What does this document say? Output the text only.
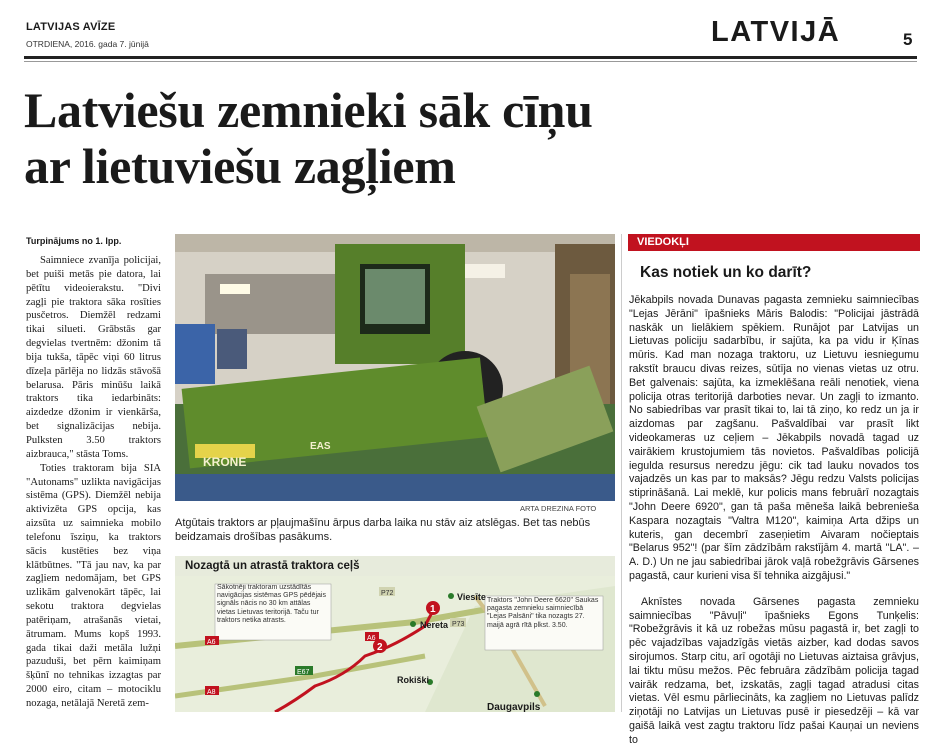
LATVIJAS AVĪZE
OTRDIENA, 2016. gada 7. jūnijā	LATVIJĀ	5
Latviešu zemnieki sāk cīņu
ar lietuviešu zagļiem
Turpinājums no 1. lpp.

Saimniece zvanīja policijai, bet puiši metās pie datora, lai pētītu videoierakstu. "Divi zagļi pie traktora sāka rosīties pusčetros. Diemžēl redzami tikai silueti. Grābstās gar degvielas tvertnēm: džonim tā bija tukša, tāpēc viņi 60 litrus dīzeļa pārlēja no lidzās stāvošā belarusa. Pāris minūšu laikā traktors tika iedarbināts: aizdedze džonim ir vienkārša, bet signalizācijas nebija. Pulksten 3.50 traktors aizbrauca," stāsta Toms.

Toties traktoram bija SIA "Autonams" uzlikta navigācijas sistēma (GPS). Diemžēl nebija aktivizēta GPS opcija, kas aizsūta uz saimnieka mobilo telefonu īsziņu, ka traktors sācis kustēties bez viņa klātbūtnes. "Tā jau nav, ka par zagļiem nedomājam, bet GPS uzlikām galvenokārt tāpēc, lai sekotu traktora degvielas patēriņam, atrašanās vietai, ātrumam. Mums kopš 1993. gada tikai daži metāla lužņi pazuduši, bet pērn kaimiņam šķūnī no tehnikas izzagtas par 2000 eiro, citam – motociklu nozaga, netālajā Neretā zem-

KRONE
EAS
ARTA DREZINA FOTO
Atgūtais traktors ar pļaujmašīnu ārpus darba laika nu stāv aiz atslēgas. Bet tas nebūs beidzamais drošības pasākums.
Nozagtā un atrastā traktora ceļš
Sākotnēji traktoram uzstādītās navigācijas sistēmas GPS pēdējais signāls nācis no 30 km attālas vietas Lietuvas teritorijā. Taču tur traktors netika atrasts.
Traktors "John Deere 6620" Saukas pagasta zemnieku saimniecībā "Lejas Palsāni" tika nozagts 27. maijā agrā rītā plkst. 3.50.
1
2
Viesīte
Nereta
Rokiški
Daugavpils
P72
P73
A6
A6
E67
A8
VIEDOKĻI
Kas notiek un ko darīt?

Jēkabpils novada Dunavas pagasta zemnieku saimniecības "Lejas Jērāni" īpašnieks Māris Balodis: "Policijai jāstrādā naskāk un lielākiem spēkiem. Runājot par Latvijas un Lietuvas policiju sadarbību, ir sajūta, ka pa vidu ir Ķīnas mūris. Kad man nozaga traktoru, uz Lietuvu iesniegumu rakstīt braucu divas reizes, sūtīja no vienas vietas uz otru. Bet galvenais: sajūta, ka izmeklēšana reāli nenotiek, viena policija otras teritorijā darboties nevar. Un zagļi to izmanto. No sabiedrības var prasīt tikai to, lai tā ziņo, ko redz un ja ir aizdomas par zagšanu. Pašvaldībai var prasīt likt videokameras uz ceļiem – Jēkabpils novadā tagad uz vairākiem krustojumiem tās novietos. Pašvaldības policijā iegulda resursus neredzu jēgu: cik tad lauku novados tos vajadzēs un kas par to maksās? Jēgu redzu Valsts policijas stiprināšanā. Lai meklē, kur policis mans februārī nozagtais "John Deere 6920", gan tā paša mēneša laikā bebrenieša Kaspara nozagtais "Valtra M120", kaimiņa Arta džips un kuteris, gan decembrī zaseņietim Aivaram nočieptais "Belarus 952"! (par šīm zādzībām rakstījām 4. martā "LA". – A. D.) Un ne jau sabiedrībai jārok vaļā robežgrāvis Gārsenes pagastā, caur kurieni visa šī tehnika aizgājusi."

Aknīstes novada Gārsenes pagasta zemnieku saimniecības "Pāvuļi" īpašnieks Egons Tunķelis: "Robežgrāvis it kā uz robežas mūsu pagastā ir, bet zagļi to pēc vajadzības vajadzīgās vietās aizber, kad dodas savos sirojumos. Starp citu, arī ogotāji no Lietuvas aiztaisa grāvjus, lai tiktu mūsu mežos. Pēc februāra zādzībām policija tagad vairāk redzama, bet, izskatās, zagļi tagad atradusi citas vietas. Vēl esmu pārliecināts, ka zagļiem no Lietuvas palīdz ziņotāji no Latvijas un Lietuvas pusē ir piesedzēji – kā var gaišā laikā vest zagtu traktoru līdz pašai Kauņai un neviens to
